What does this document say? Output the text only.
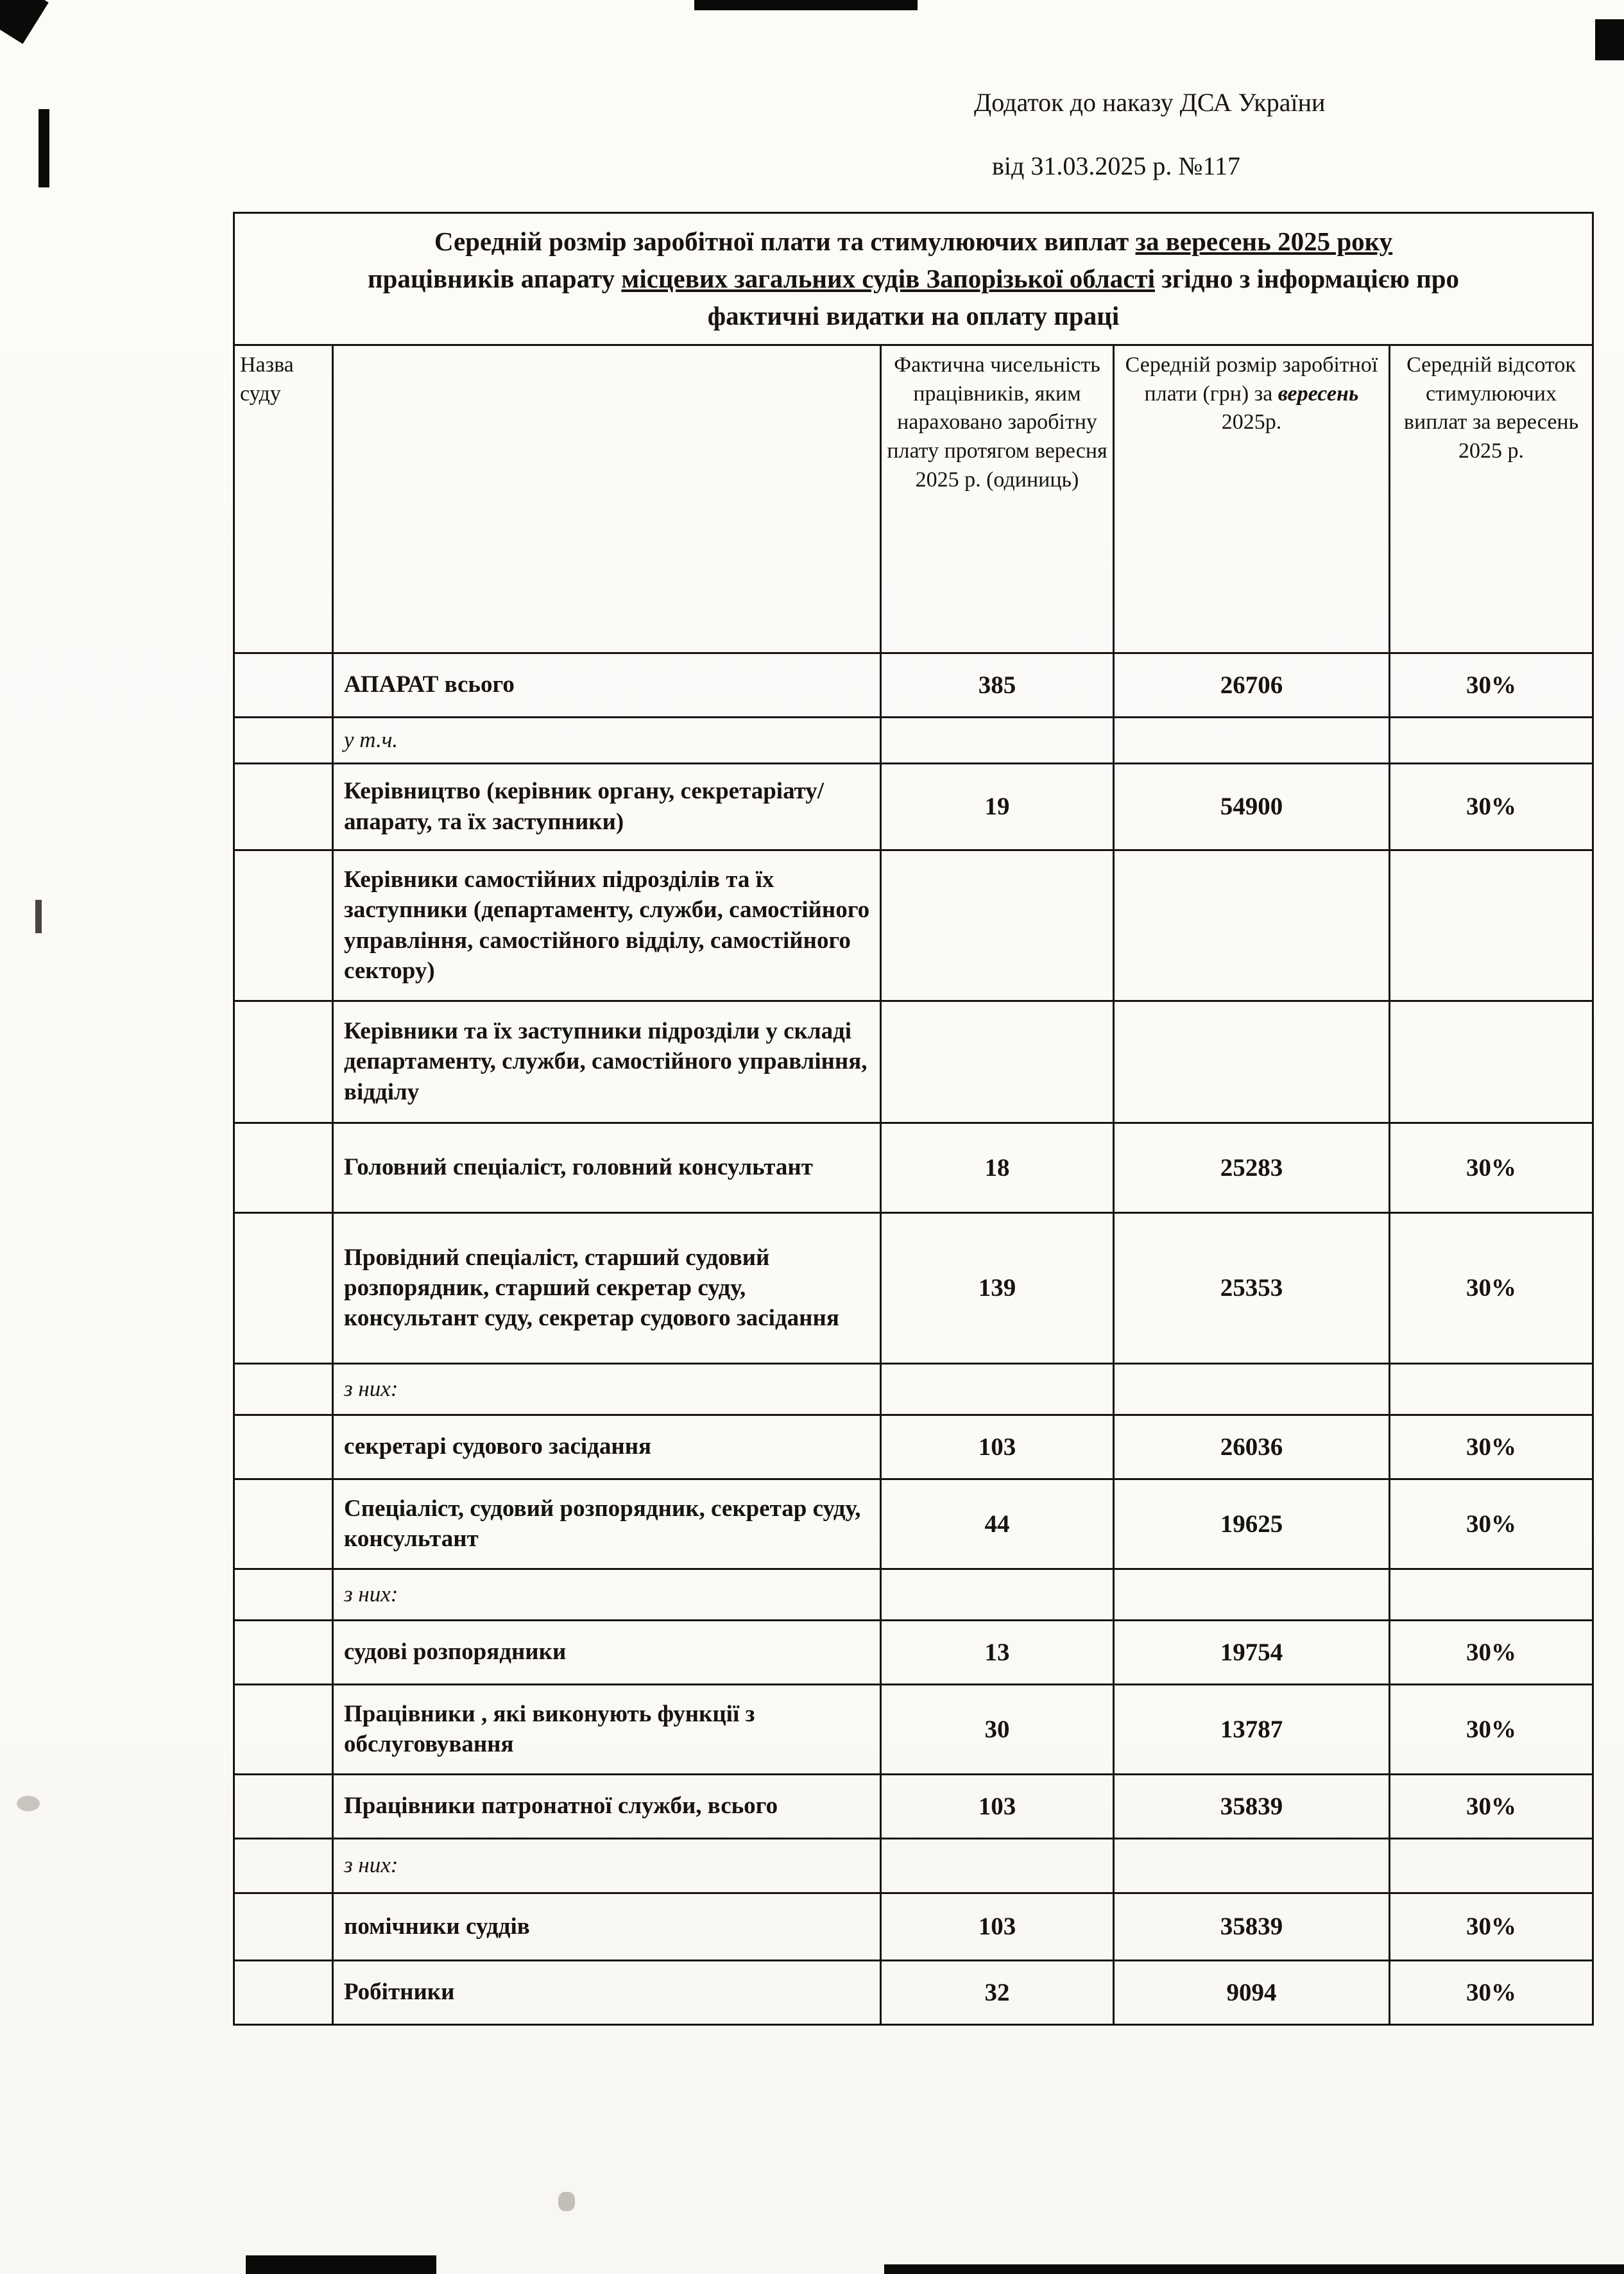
Додаток до наказу ДСА України
від 31.03.2025 р. №117
Середній розмір заробітної плати та стимулюючих виплат за вересень 2025 року
працівників апарату місцевих загальних судів Запорізької області згідно з інформацією про
фактичні видатки на оплату праці				
Назва суду		Фактична чисельність працівників, яким нараховано заробітну плату протягом вересня 2025 р. (одиниць)	Середній розмір заробітної плати (грн) за вересень 2025р.	Середній відсоток стимулюючих виплат за вересень 2025 р.
	АПАРАТ всього	385	26706	30%
	у т.ч.			
	Керівництво (керівник органу, секретаріату/апарату, та їх заступники)	19	54900	30%
	Керівники самостійних підрозділів та їх заступники (департаменту, служби, самостійного управління, самостійного відділу, самостійного сектору)			
	Керівники та їх заступники підрозділи у складі департаменту, служби, самостійного управління, відділу			
	Головний спеціаліст, головний консультант	18	25283	30%
	Провідний спеціаліст, старший судовий розпорядник, старший секретар суду, консультант суду, секретар судового засідання	139	25353	30%
	з них:			
	секретарі судового засідання	103	26036	30%
	Спеціаліст, судовий розпорядник, секретар суду, консультант	44	19625	30%
	з них:			
	судові розпорядники	13	19754	30%
	Працівники , які виконують функції з обслуговування	30	13787	30%
	Працівники патронатної служби, всього	103	35839	30%
	з них:			
	помічники суддів	103	35839	30%
	Робітники	32	9094	30%
